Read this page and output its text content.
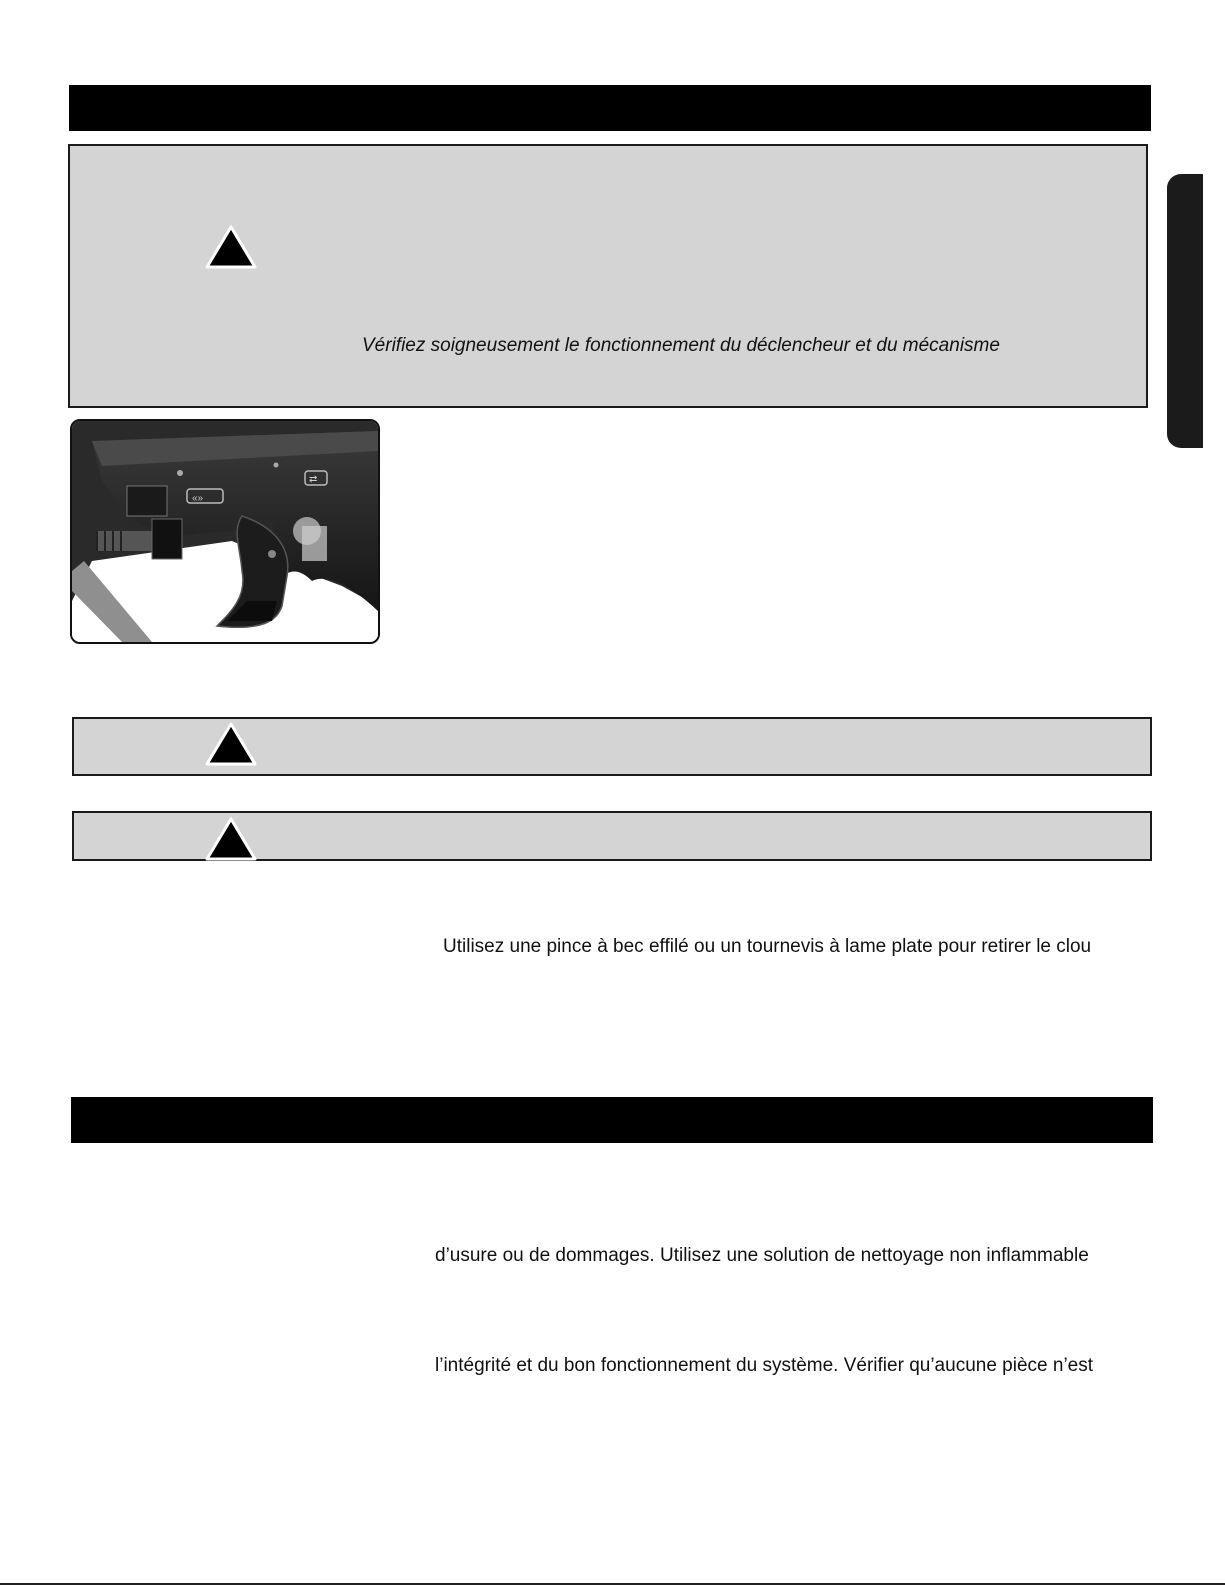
Vérifiez soigneusement le fonctionnement du déclencheur et du mécanisme
«»
⇄
Utilisez une pince à bec effilé ou un tournevis à lame plate pour retirer le clou
d’usure ou de dommages. Utilisez une solution de nettoyage non inflammable
l’intégrité et du bon fonctionnement du système. Vérifier qu’aucune pièce n’est
